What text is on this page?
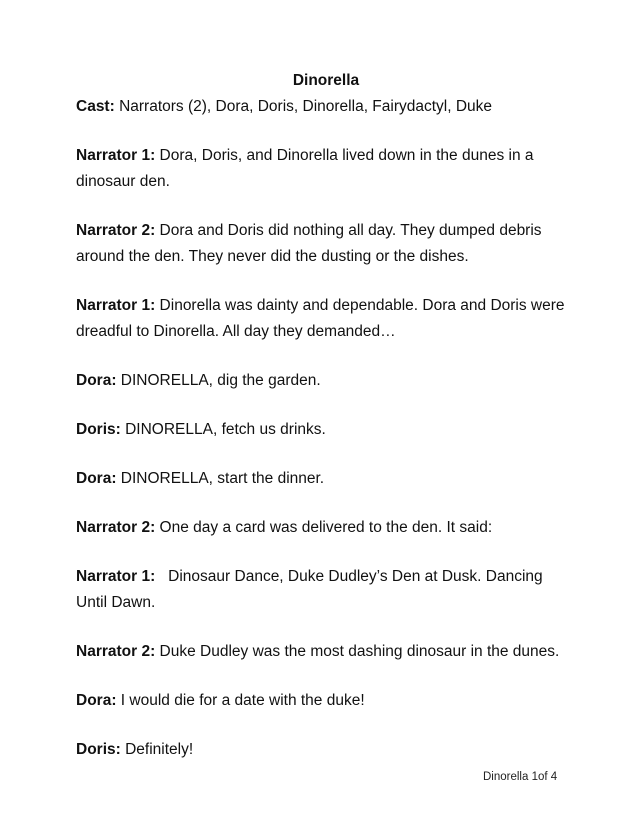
Dinorella

Cast: Narrators (2), Dora, Doris, Dinorella, Fairydactyl, Duke

Narrator 1: Dora, Doris, and Dinorella lived down in the dunes in a dinosaur den.

Narrator 2: Dora and Doris did nothing all day. They dumped debris around the den. They never did the dusting or the dishes.

Narrator 1: Dinorella was dainty and dependable. Dora and Doris were dreadful to Dinorella. All day they demanded…

Dora: DINORELLA, dig the garden.

Doris: DINORELLA, fetch us drinks.

Dora: DINORELLA, start the dinner.

Narrator 2: One day a card was delivered to the den. It said:

Narrator 1:   Dinosaur Dance, Duke Dudley’s Den at Dusk. Dancing Until Dawn.

Narrator 2: Duke Dudley was the most dashing dinosaur in the dunes.

Dora: I would die for a date with the duke!

Doris: Definitely!

Dinorella 1of 4
